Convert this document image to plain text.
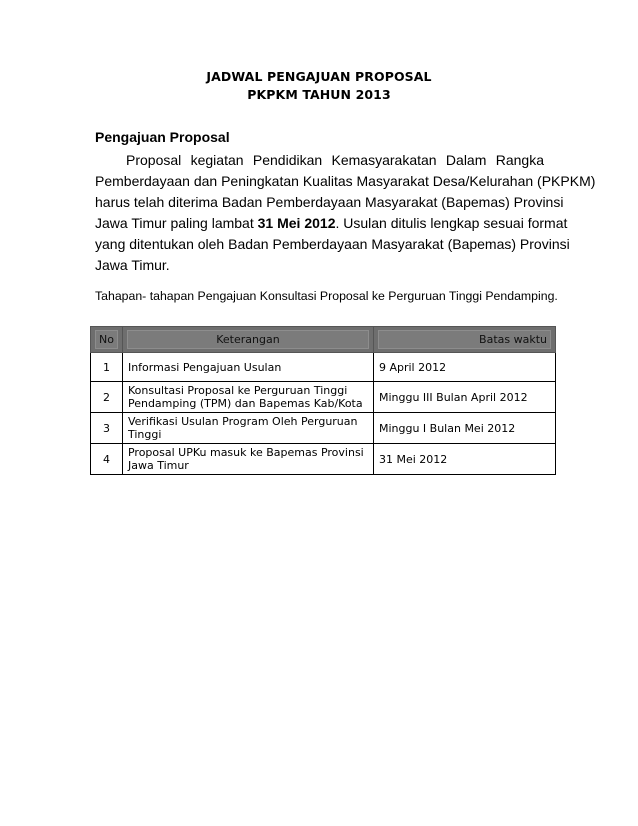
JADWAL PENGAJUAN PROPOSAL
PKPKM TAHUN 2013
Pengajuan Proposal
Proposal kegiatan Pendidikan Kemasyarakatan Dalam Rangka
Pemberdayaan dan Peningkatan Kualitas Masyarakat Desa/Kelurahan (PKPKM)
harus telah diterima Badan Pemberdayaan Masyarakat (Bapemas) Provinsi
Jawa Timur paling lambat 31 Mei 2012. Usulan ditulis lengkap sesuai format
yang ditentukan oleh Badan Pemberdayaan Masyarakat (Bapemas) Provinsi
Jawa Timur.
Tahapan- tahapan Pengajuan Konsultasi Proposal ke Perguruan Tinggi Pendamping.
No	Keterangan	Batas waktu

1	Informasi Pengajuan Usulan	9 April 2012
2	Konsultasi Proposal ke Perguruan Tinggi
Pendamping (TPM) dan Bapemas Kab/Kota	Minggu III Bulan April 2012
3	Verifikasi Usulan Program Oleh Perguruan
Tinggi	Minggu I Bulan Mei 2012
4	Proposal UPKu masuk ke Bapemas Provinsi
Jawa Timur	31 Mei 2012
